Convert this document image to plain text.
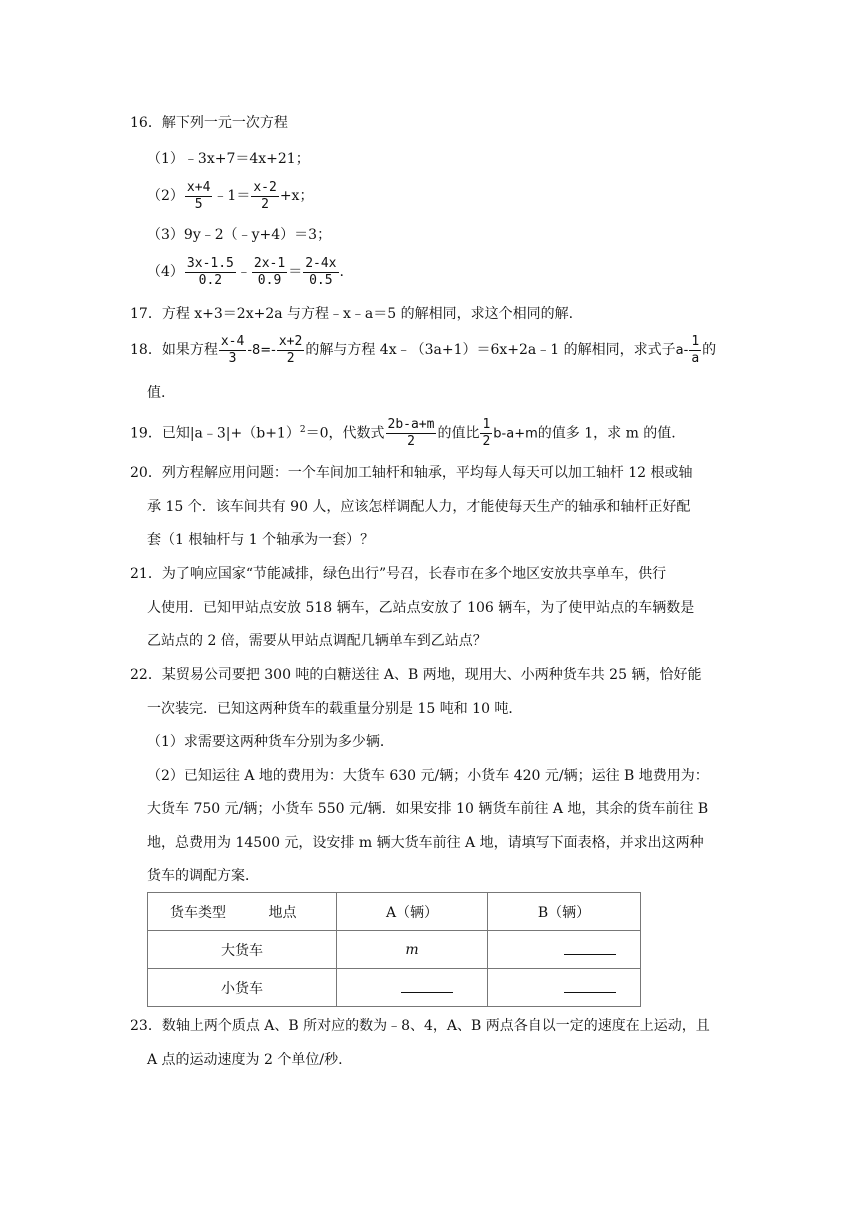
16．解下列一元一次方程
（1）﹣3x+7＝4x+21；
$(2) \frac{x+4}{5}$ ﹣1＝ $\frac{x-2}{2} +x$；
（3）9y﹣2（﹣y+4）＝3；
$(4) \frac{3x-1.5}{0.2}$ ﹣ $\frac{2x-1}{0.9} = \frac{2-4x}{0.5}$ .
17．方程 x+3＝2x+2a 与方程﹣x﹣a＝5 的解相同，求这个相同的解.
18．如果方程 $\frac{x-4}{3} -8=- \frac{x+2}{2}$ 的解与方程 4x﹣（3a+1）＝6x+2a﹣1 的解相同，求式子$a- \frac{1}{a}$ 的
值.
19．已知$|a﹣3|+(b+1)^2=0$，代数式 $\frac{2b-a+m}{2}$ 的值比 $\frac{1}{2} b-a+m$的值多 1，求 m 的值.
20．列方程解应用问题：一个车间加工轴杆和轴承，平均每人每天可以加工轴杆 12 根或轴
承 15 个．该车间共有 90 人，应该怎样调配人力，才能使每天生产的轴承和轴杆正好配
套（1 根轴杆与 1 个轴承为一套）？
21．为了响应国家“节能减排，绿色出行”号召，长春市在多个地区安放共享单车，供行
人使用．已知甲站点安放 518 辆车，乙站点安放了 106 辆车，为了使甲站点的车辆数是
乙站点的 2 倍，需要从甲站点调配几辆单车到乙站点？
22．某贸易公司要把 300 吨的白糖送往 A、B 两地，现用大、小两种货车共 25 辆，恰好能
一次装完．已知这两种货车的载重量分别是 15 吨和 10 吨．
（1）求需要这两种货车分别为多少辆．
（2）已知运往 A 地的费用为：大货车 630 元/辆；小货车 420 元/辆；运往 B 地费用为：
大货车 750 元/辆；小货车 550 元/辆．如果安排 10 辆货车前往 A 地，其余的货车前往 B
地，总费用为 14500 元，设安排 m 辆大货车前往 A 地，请填写下面表格，并求出这两种
货车的调配方案．
货车类型 地点	A（辆）	B（辆）
大货车	m	
小货车		
23．数轴上两个质点 A、B 所对应的数为﹣8、4，A、B 两点各自以一定的速度在上运动，且
A 点的运动速度为 2 个单位/秒.
